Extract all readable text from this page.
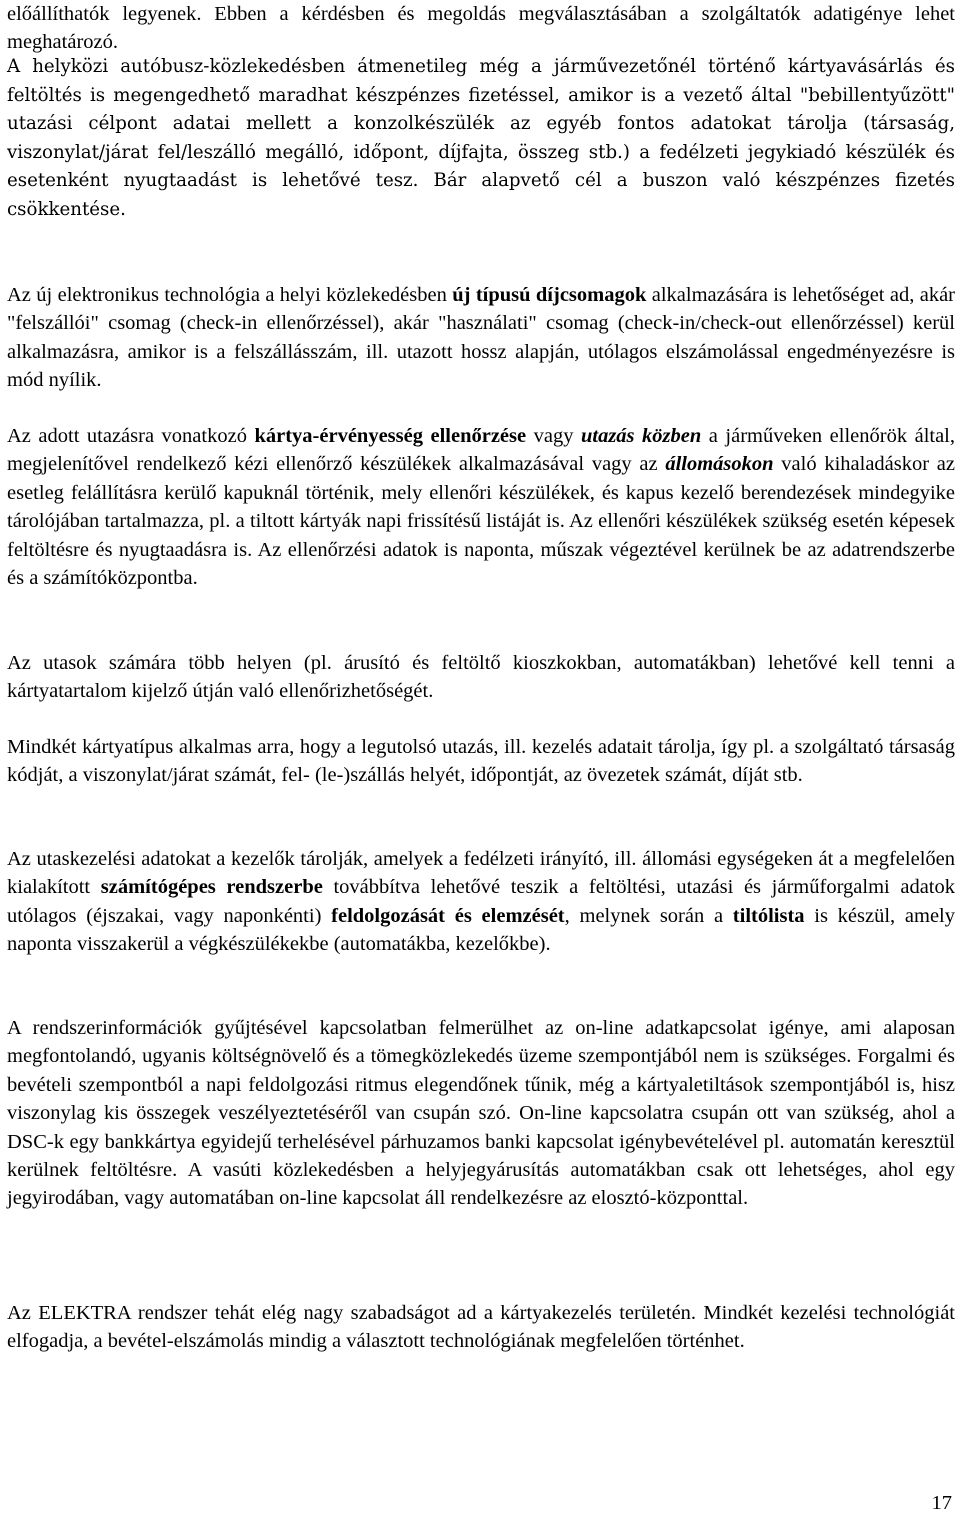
előállíthatók legyenek. Ebben a kérdésben és megoldás megválasztásában a szolgáltatók adatigénye lehet meghatározó.

A helyközi autóbusz-közlekedésben átmenetileg még a járművezetőnél történő kártyavásárlás és feltöltés is megengedhető maradhat készpénzes fizetéssel, amikor is a vezető által "bebillentyűzött" utazási célpont adatai mellett a konzolkészülék az egyéb fontos adatokat tárolja (társaság, viszonylat/járat fel/leszálló megálló, időpont, díjfajta, összeg stb.) a fedélzeti jegykiadó készülék és esetenként nyugtaadást is lehetővé tesz. Bár alapvető cél a buszon való készpénzes fizetés csökkentése.

Az új elektronikus technológia a helyi közlekedésben új típusú díjcsomagok alkalmazására is lehetőséget ad, akár "felszállói" csomag (check-in ellenőrzéssel), akár "használati" csomag (check-in/check-out ellenőrzéssel) kerül alkalmazásra, amikor is a felszállásszám, ill. utazott hossz alapján, utólagos elszámolással engedményezésre is mód nyílik.

Az adott utazásra vonatkozó kártya-érvényesség ellenőrzése vagy utazás közben a járműveken ellenőrök által, megjelenítővel rendelkező kézi ellenőrző készülékek alkalmazásával vagy az állomásokon való kihaladáskor az esetleg felállításra kerülő kapuknál történik, mely ellenőri készülékek, és kapus kezelő berendezések mindegyike tárolójában tartalmazza, pl. a tiltott kártyák napi frissítésű listáját is. Az ellenőri készülékek szükség esetén képesek feltöltésre és nyugtaadásra is. Az ellenőrzési adatok is naponta, műszak végeztével kerülnek be az adatrendszerbe és a számítóközpontba.

Az utasok számára több helyen (pl. árusító és feltöltő kioszkokban, automatákban) lehetővé kell tenni a kártyatartalom kijelző útján való ellenőrizhetőségét.

Mindkét kártyatípus alkalmas arra, hogy a legutolsó utazás, ill. kezelés adatait tárolja, így pl. a szolgáltató társaság kódját, a viszonylat/járat számát, fel- (le-)szállás helyét, időpontját, az övezetek számát, díját stb.

Az utaskezelési adatokat a kezelők tárolják, amelyek a fedélzeti irányító, ill. állomási egységeken át a megfelelően kialakított számítógépes rendszerbe továbbítva lehetővé teszik a feltöltési, utazási és járműforgalmi adatok utólagos (éjszakai, vagy naponkénti) feldolgozását és elemzését, melynek során a tiltólista is készül, amely naponta visszakerül a végkészülékekbe (automatákba, kezelőkbe).

A rendszerinformációk gyűjtésével kapcsolatban felmerülhet az on-line adatkapcsolat igénye, ami alaposan megfontolandó, ugyanis költségnövelő és a tömegközlekedés üzeme szempontjából nem is szükséges. Forgalmi és bevételi szempontból a napi feldolgozási ritmus elegendőnek tűnik, még a kártyaletiltások szempontjából is, hisz viszonylag kis összegek veszélyeztetéséről van csupán szó. On-line kapcsolatra csupán ott van szükség, ahol a DSC-k egy bankkártya egyidejű terhelésével párhuzamos banki kapcsolat igénybevételével pl. automatán keresztül kerülnek feltöltésre. A vasúti közlekedésben a helyjegyárusítás automatákban csak ott lehetséges, ahol egy jegyirodában, vagy automatában on-line kapcsolat áll rendelkezésre az elosztó-központtal.

Az ELEKTRA rendszer tehát elég nagy szabadságot ad a kártyakezelés területén. Mindkét kezelési technológiát elfogadja, a bevétel-elszámolás mindig a választott technológiának megfelelően történhet.

17
